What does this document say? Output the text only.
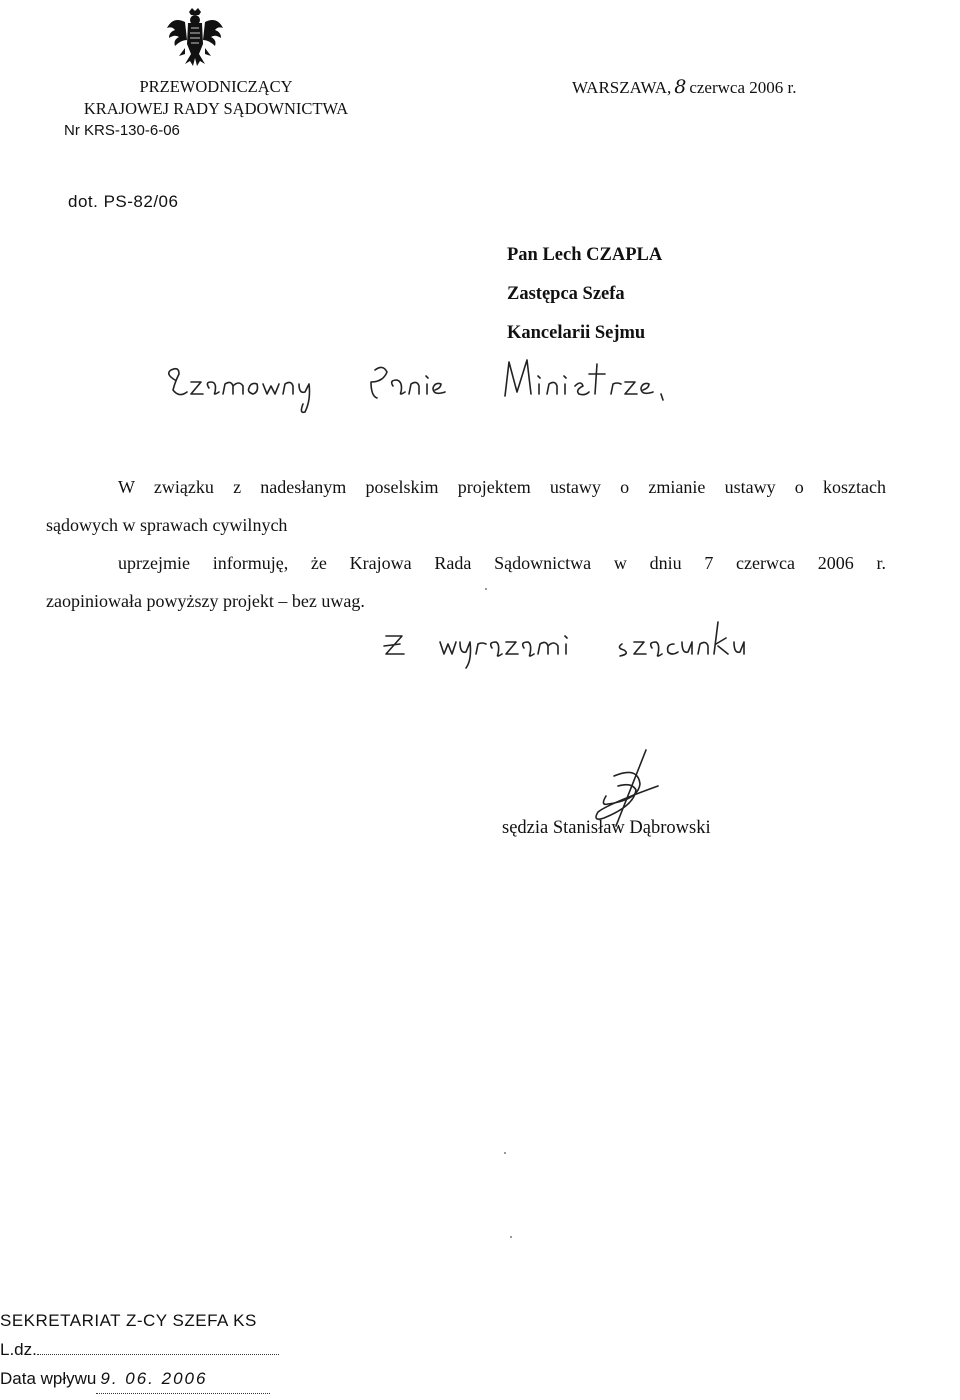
PRZEWODNICZĄCY
KRAJOWEJ RADY SĄDOWNICTWA
Nr KRS-130-6-06
WARSZAWA, 8 czerwca 2006 r.
dot. PS-82/06
Pan Lech CZAPLA
Zastępca Szefa
Kancelarii Sejmu

W związku z nadesłanym poselskim projektem ustawy o zmianie ustawy o kosztach

sądowych w sprawach cywilnych

uprzejmie informuję, że Krajowa Rada Sądownictwa w dniu 7 czerwca 2006 r.

zaopiniowała powyższy projekt – bez uwag.

sędzia Stanisław Dąbrowski
SEKRETARIAT Z-CY SZEFA KS
L.dz.
Data wpływu 9. 06. 2006
